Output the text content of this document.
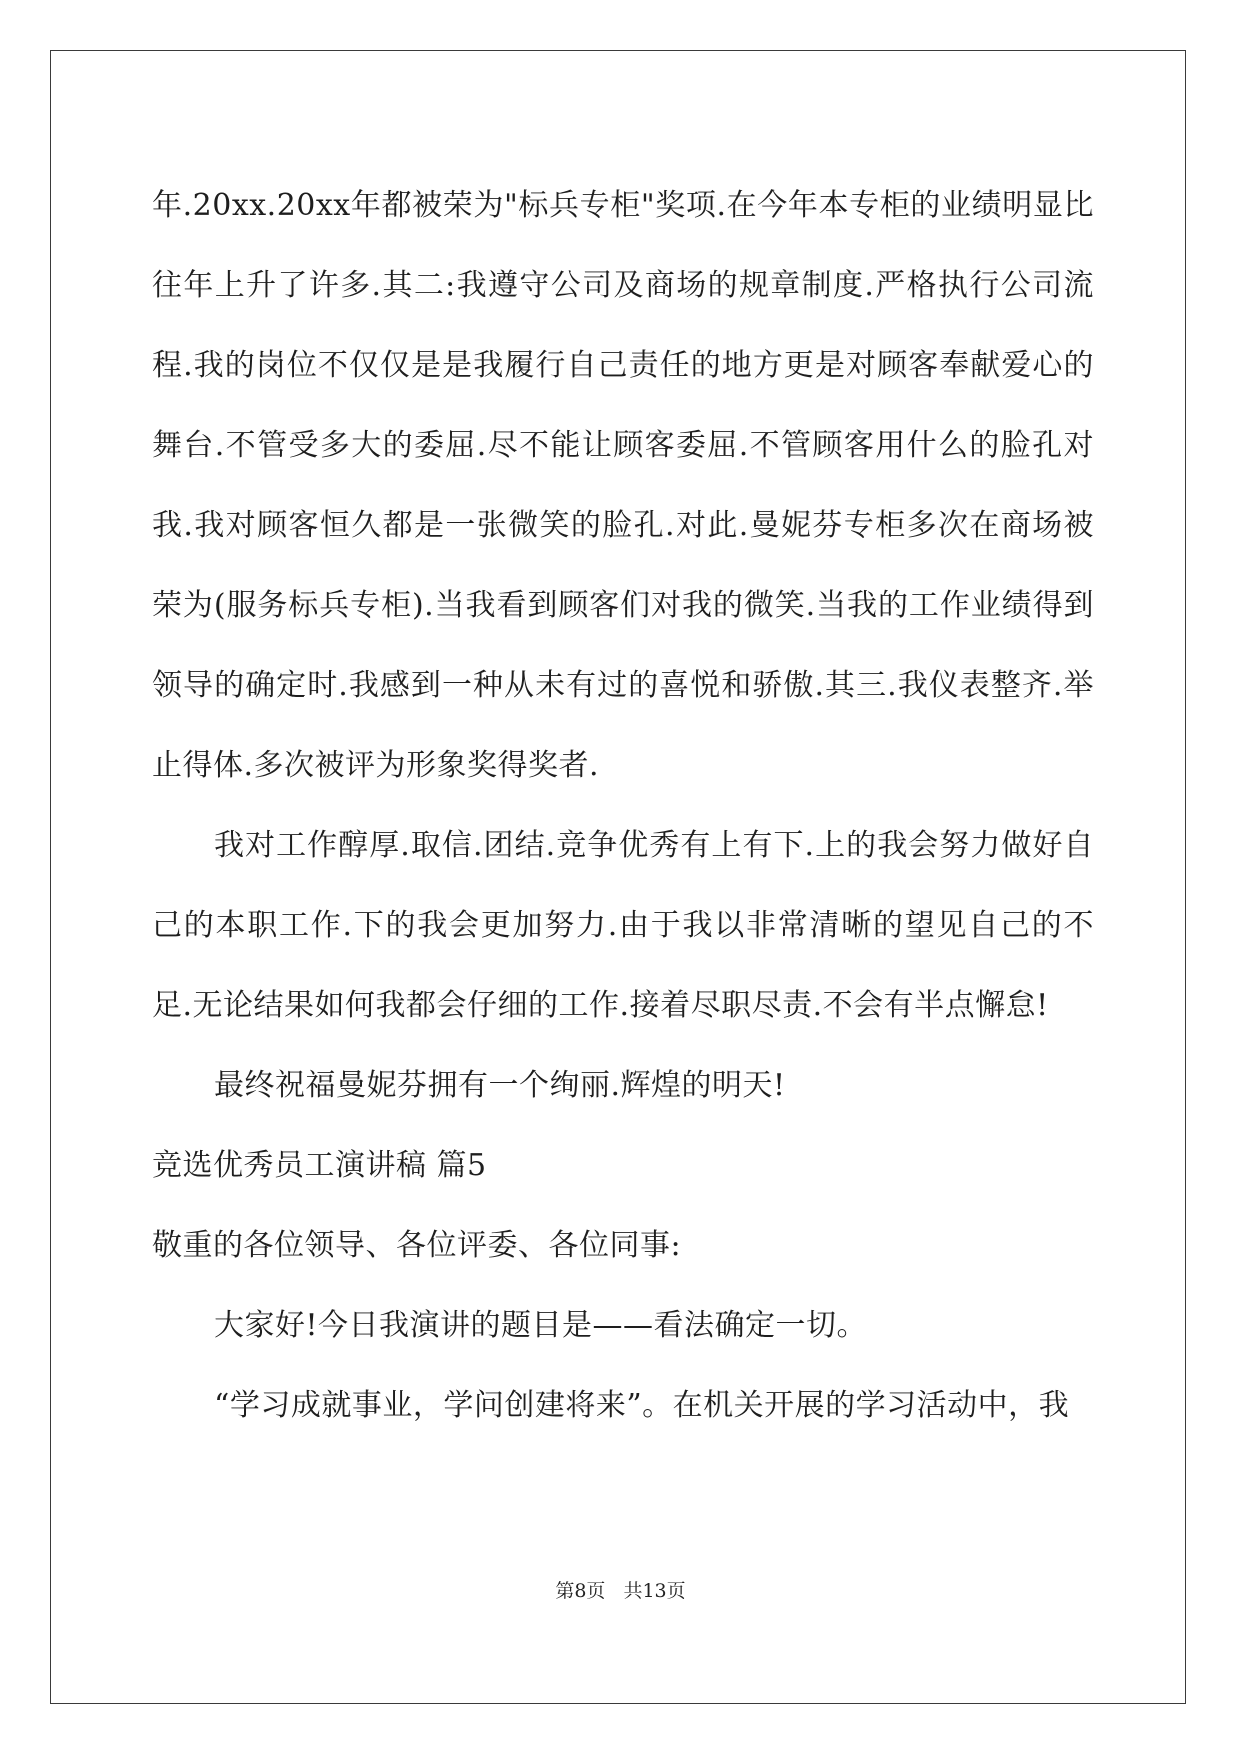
年.20xx.20xx年都被荣为"标兵专柜"奖项.在今年本专柜的业绩明显比往年上升了许多.其二:我遵守公司及商场的规章制度.严格执行公司流程.我的岗位不仅仅是是我履行自己责任的地方更是对顾客奉献爱心的舞台.不管受多大的委屈.尽不能让顾客委屈.不管顾客用什么的脸孔对我.我对顾客恒久都是一张微笑的脸孔.对此.曼妮芬专柜多次在商场被荣为(服务标兵专柜).当我看到顾客们对我的微笑.当我的工作业绩得到领导的确定时.我感到一种从未有过的喜悦和骄傲.其三.我仪表整齐.举止得体.多次被评为形象奖得奖者.

我对工作醇厚.取信.团结.竞争优秀有上有下.上的我会努力做好自己的本职工作.下的我会更加努力.由于我以非常清晰的望见自己的不足.无论结果如何我都会仔细的工作.接着尽职尽责.不会有半点懈怠!

最终祝福曼妮芬拥有一个绚丽.辉煌的明天!

竞选优秀员工演讲稿 篇5

敬重的各位领导、各位评委、各位同事:

大家好!今日我演讲的题目是——看法确定一切。

“学习成就事业，学问创建将来”。在机关开展的学习活动中，我

第8页 共13页
